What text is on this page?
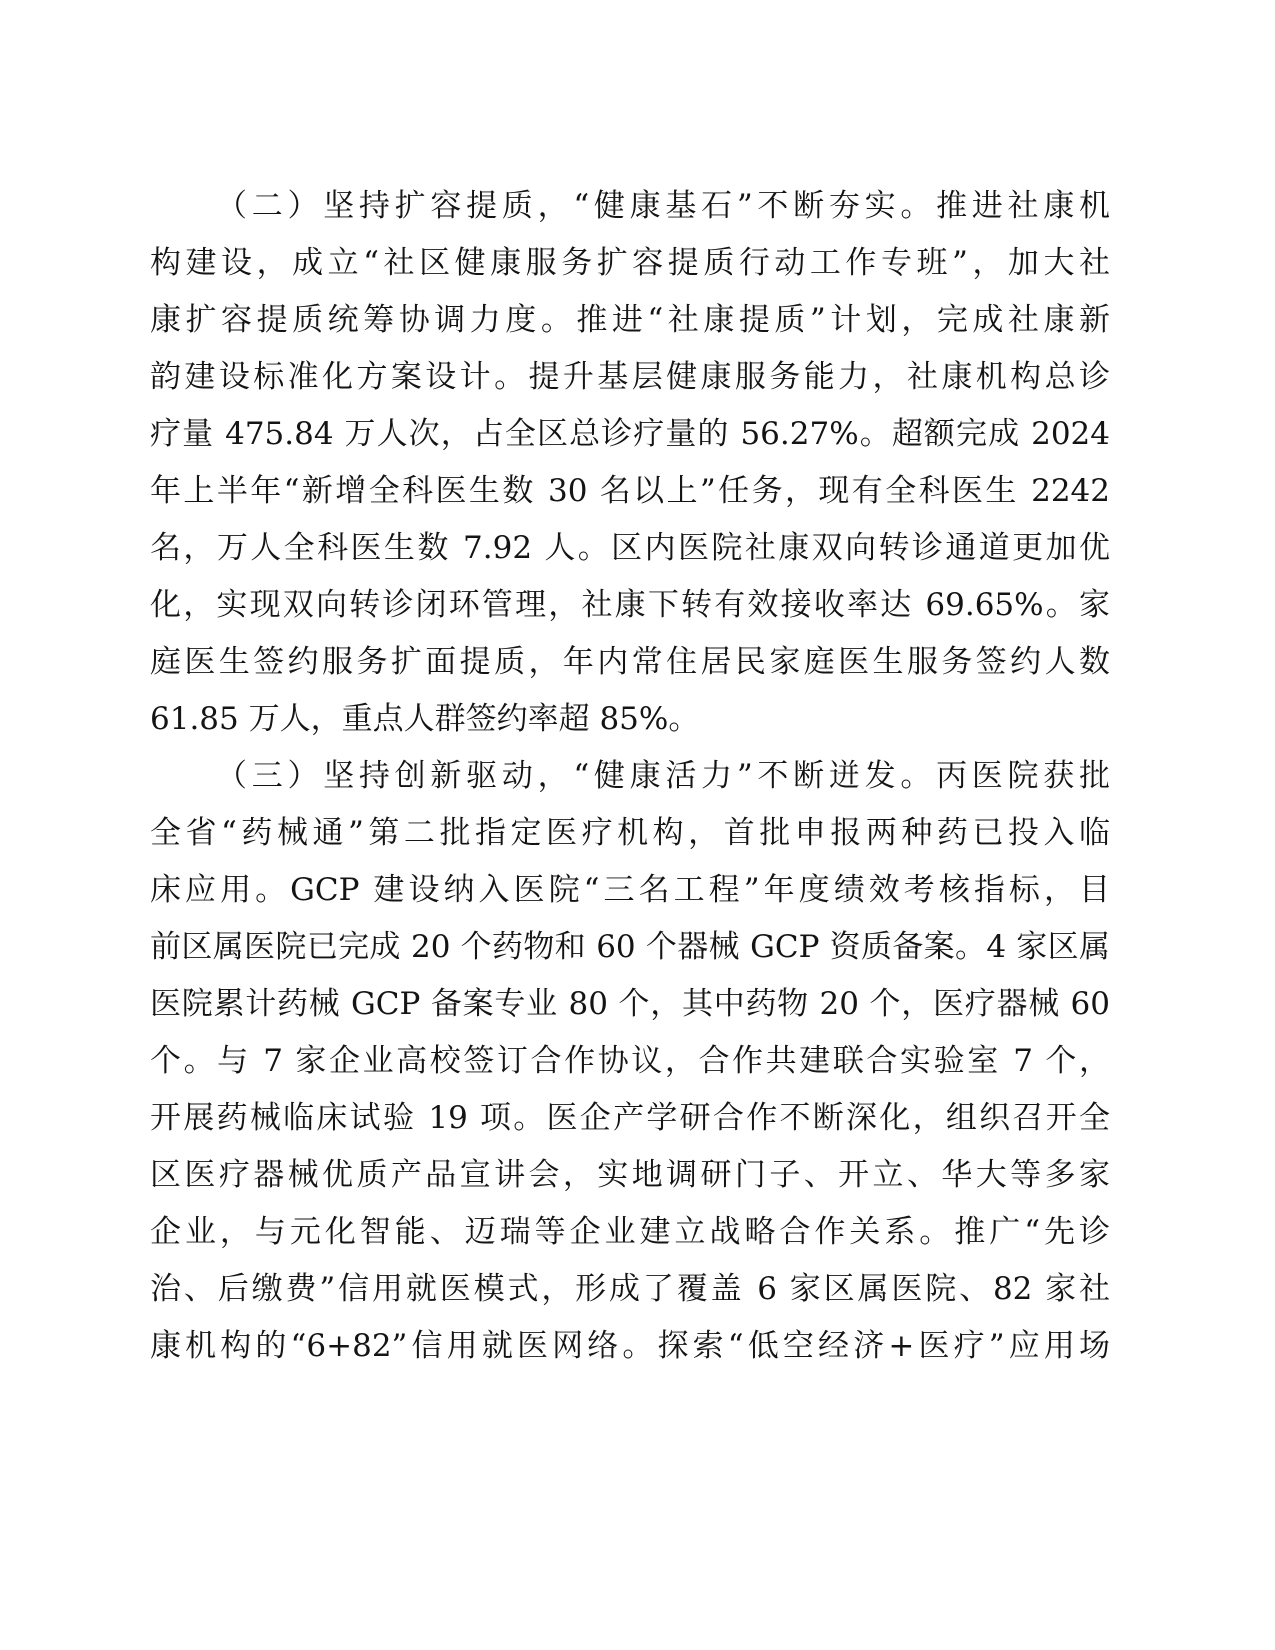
（二）坚持扩容提质，“健康基石”不断夯实。推进社康机
构建设，成立“社区健康服务扩容提质行动工作专班”，加大社
康扩容提质统筹协调力度。推进“社康提质”计划，完成社康新
韵建设标准化方案设计。提升基层健康服务能力，社康机构总诊
疗量 475.84 万人次，占全区总诊疗量的 56.27%。超额完成 2024
年上半年“新增全科医生数 30 名以上”任务，现有全科医生 2242
名，万人全科医生数 7.92 人。区内医院社康双向转诊通道更加优
化，实现双向转诊闭环管理，社康下转有效接收率达 69.65%。家
庭医生签约服务扩面提质，年内常住居民家庭医生服务签约人数
61.85 万人，重点人群签约率超 85%。
（三）坚持创新驱动，“健康活力”不断迸发。丙医院获批
全省“药械通”第二批指定医疗机构，首批申报两种药已投入临
床应用。GCP 建设纳入医院“三名工程”年度绩效考核指标，目
前区属医院已完成 20 个药物和 60 个器械 GCP 资质备案。4 家区属
医院累计药械 GCP 备案专业 80 个，其中药物 20 个，医疗器械 60
个。与 7 家企业高校签订合作协议，合作共建联合实验室 7 个，
开展药械临床试验 19 项。医企产学研合作不断深化，组织召开全
区医疗器械优质产品宣讲会，实地调研门子、开立、华大等多家
企业，与元化智能、迈瑞等企业建立战略合作关系。推广“先诊
治、后缴费”信用就医模式，形成了覆盖 6 家区属医院、82 家社
康机构的“6+82”信用就医网络。探索“低空经济+医疗”应用场
